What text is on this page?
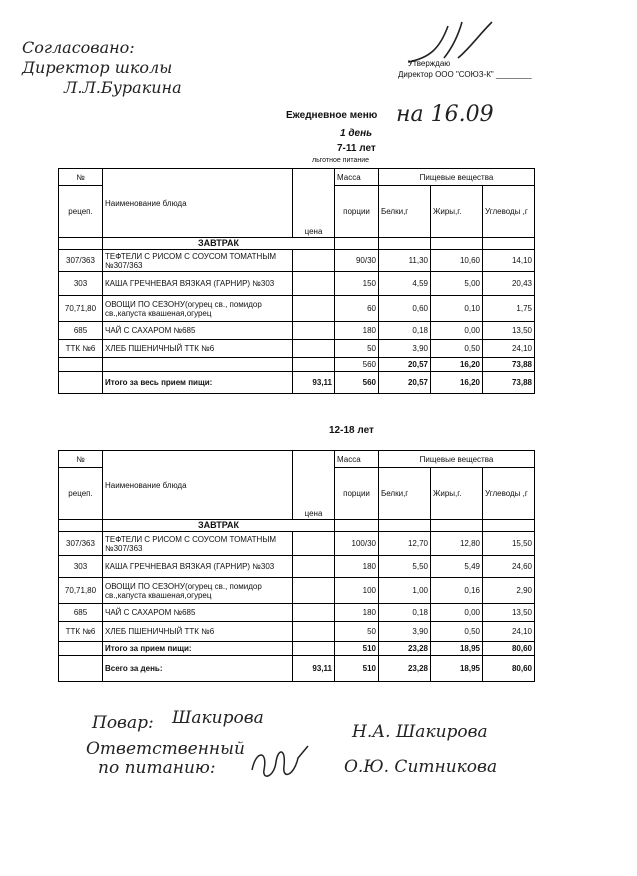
Согласовано:
Директор школы
Л.Л.Буракина
Утверждаю
Директор ООО "СОЮЗ-К" ________
Ежедневное меню на 16.09
1 день
7-11 лет
льготное питание
№	Наименование блюда	цена	Масса	Пищевые вещества		
рецеп.			порции	Белки,г	Жиры,г.	Углеводы ,г
	ЗАВТРАК					
307/363	ТЕФТЕЛИ С РИСОМ С СОУСОМ ТОМАТНЫМ №307/363		90/30	11,30	10,60	14,10
303	КАША ГРЕЧНЕВАЯ ВЯЗКАЯ (ГАРНИР) №303		150	4,59	5,00	20,43
70,71,80	ОВОЩИ ПО СЕЗОНУ(огурец св., помидор св.,капуста квашеная,огурец		60	0,60	0,10	1,75
685	ЧАЙ С САХАРОМ №685		180	0,18	0,00	13,50
ТТК №6	ХЛЕБ ПШЕНИЧНЫЙ ТТК №6		50	3,90	0,50	24,10
			560	20,57	16,20	73,88
	Итого за весь прием пищи:	93,11	560	20,57	16,20	73,88
12-18 лет
№	Наименование блюда	цена	Масса	Пищевые вещества		
рецеп.			порции	Белки,г	Жиры,г.	Углеводы ,г
	ЗАВТРАК					
307/363	ТЕФТЕЛИ С РИСОМ С СОУСОМ ТОМАТНЫМ №307/363		100/30	12,70	12,80	15,50
303	КАША ГРЕЧНЕВАЯ ВЯЗКАЯ (ГАРНИР) №303		180	5,50	5,49	24,60
70,71,80	ОВОЩИ ПО СЕЗОНУ(огурец св., помидор св.,капуста квашеная,огурец		100	1,00	0,16	2,90
685	ЧАЙ С САХАРОМ №685		180	0,18	0,00	13,50
ТТК №6	ХЛЕБ ПШЕНИЧНЫЙ ТТК №6		50	3,90	0,50	24,10
	Итого за прием пищи:		510	23,28	18,95	80,60
	Всего за день:	93,11	510	23,28	18,95	80,60
Повар: Шакирова
Н.А. Шакирова
Ответственный
по питанию:	О.Ю. Ситникова
